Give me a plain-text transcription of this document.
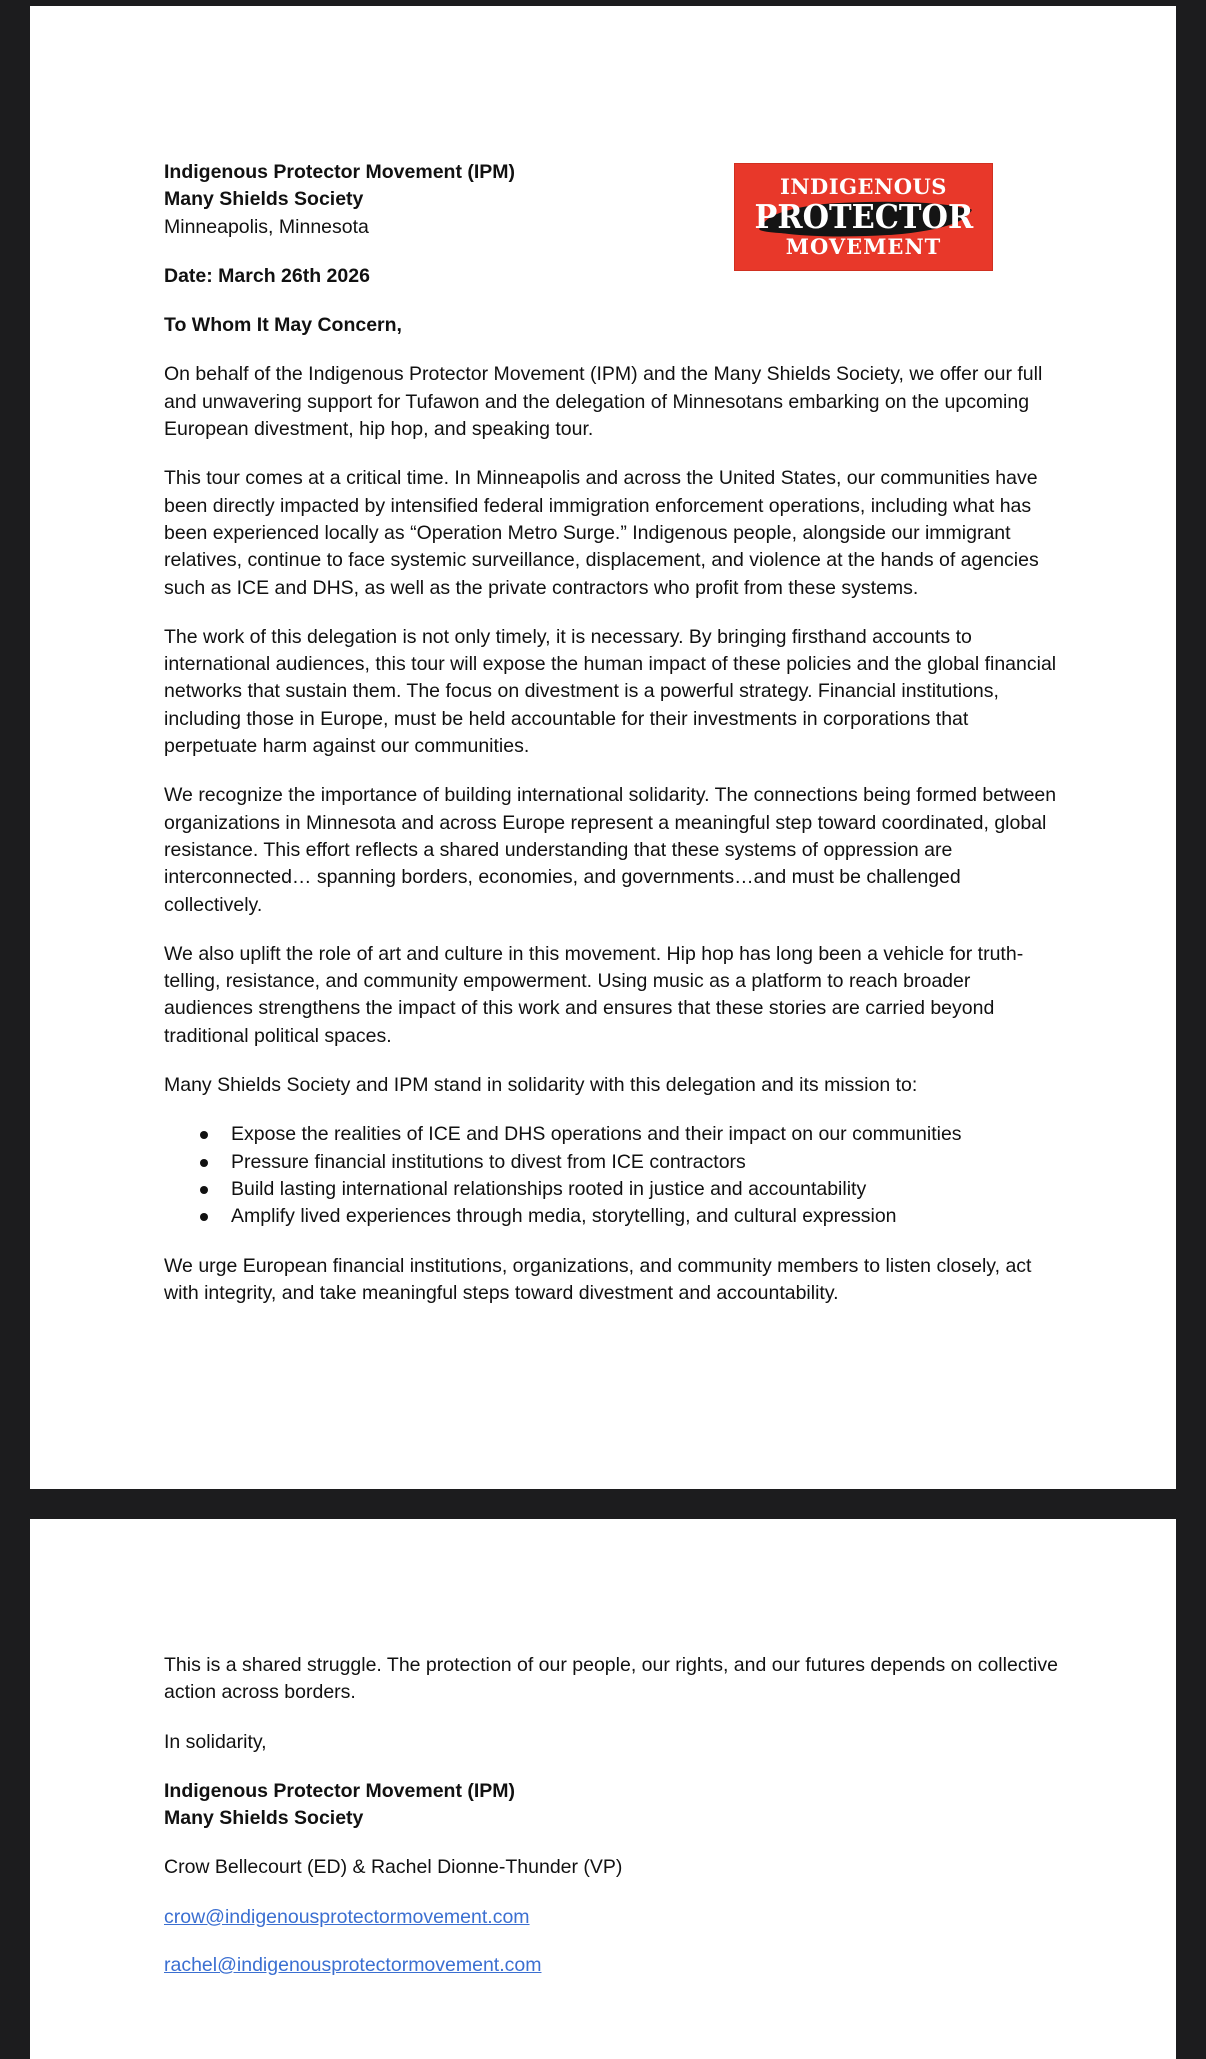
INDIGENOUS
PROTECTOR
MOVEMENT

Indigenous Protector Movement (IPM)

Many Shields Society

Minneapolis, Minnesota

Date: March 26th 2026

To Whom It May Concern,

On behalf of the Indigenous Protector Movement (IPM) and the Many Shields Society, we offer our full and unwavering support for Tufawon and the delegation of Minnesotans embarking on the upcoming European divestment, hip hop, and speaking tour.

This tour comes at a critical time. In Minneapolis and across the United States, our communities have been directly impacted by intensified federal immigration enforcement operations, including what has been experienced locally as “Operation Metro Surge.” Indigenous people, alongside our immigrant relatives, continue to face systemic surveillance, displacement, and violence at the hands of agencies such as ICE and DHS, as well as the private contractors who profit from these systems.

The work of this delegation is not only timely, it is necessary. By bringing firsthand accounts to international audiences, this tour will expose the human impact of these policies and the global financial networks that sustain them. The focus on divestment is a powerful strategy. Financial institutions, including those in Europe, must be held accountable for their investments in corporations that perpetuate harm against our communities.

We recognize the importance of building international solidarity. The connections being formed between organizations in Minnesota and across Europe represent a meaningful step toward coordinated, global resistance. This effort reflects a shared understanding that these systems of oppression are interconnected… spanning borders, economies, and governments…and must be challenged collectively.

We also uplift the role of art and culture in this movement. Hip hop has long been a vehicle for truth-telling, resistance, and community empowerment. Using music as a platform to reach broader audiences strengthens the impact of this work and ensures that these stories are carried beyond traditional political spaces.

Many Shields Society and IPM stand in solidarity with this delegation and its mission to:

Expose the realities of ICE and DHS operations and their impact on our communities
Pressure financial institutions to divest from ICE contractors
Build lasting international relationships rooted in justice and accountability
Amplify lived experiences through media, storytelling, and cultural expression

We urge European financial institutions, organizations, and community members to listen closely, act with integrity, and take meaningful steps toward divestment and accountability.

This is a shared struggle. The protection of our people, our rights, and our futures depends on collective action across borders.

In solidarity,

Indigenous Protector Movement (IPM)

Many Shields Society

Crow Bellecourt (ED) & Rachel Dionne-Thunder (VP)

crow@indigenousprotectormovement.com

rachel@indigenousprotectormovement.com
